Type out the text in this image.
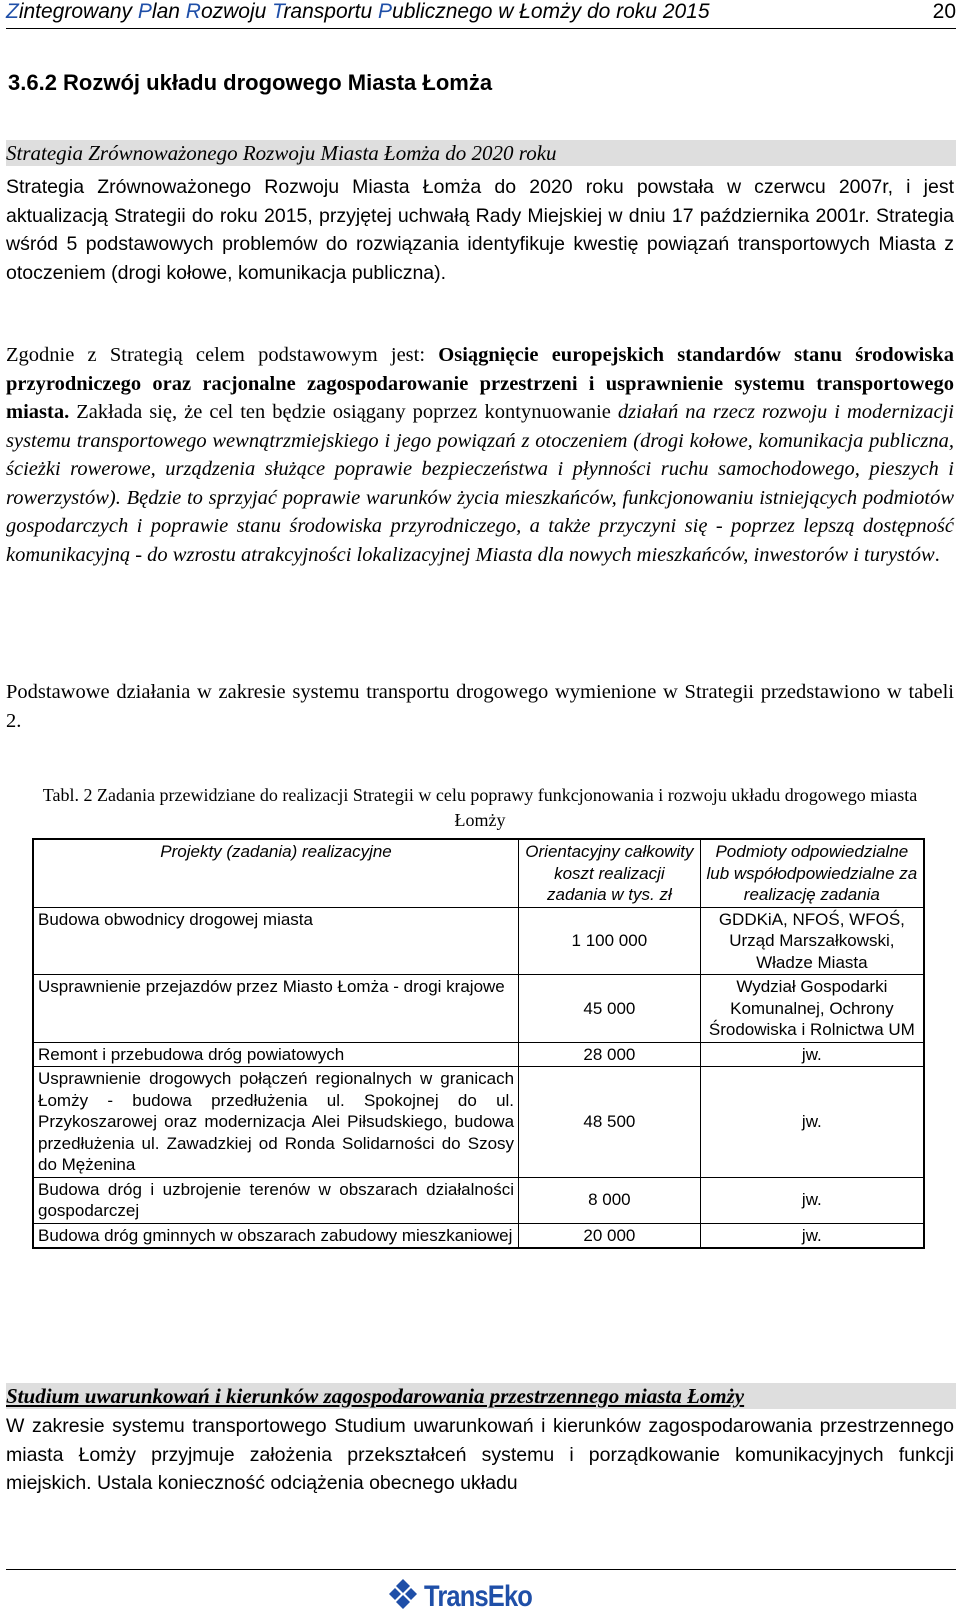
Zintegrowany Plan Rozwoju Transportu Publicznego w Łomży do roku 2015	20
3.6.2 Rozwój układu drogowego Miasta Łomża
Strategia Zrównoważonego Rozwoju Miasta Łomża do 2020 roku

Strategia Zrównoważonego Rozwoju Miasta Łomża do 2020 roku powstała w czerwcu 2007r, i jest aktualizacją Strategii do roku 2015, przyjętej uchwałą Rady Miejskiej w dniu 17 października 2001r. Strategia wśród 5 podstawowych problemów do rozwiązania identyfikuje kwestię powiązań transportowych Miasta z otoczeniem (drogi kołowe, komunikacja publiczna).

Zgodnie z Strategią celem podstawowym jest: Osiągnięcie europejskich standardów stanu środowiska przyrodniczego oraz racjonalne zagospodarowanie przestrzeni i usprawnienie systemu transportowego miasta. Zakłada się, że cel ten będzie osiągany poprzez kontynuowanie działań na rzecz rozwoju i modernizacji systemu transportowego wewnątrzmiejskiego i jego powiązań z otoczeniem (drogi kołowe, komunikacja publiczna, ścieżki rowerowe, urządzenia służące poprawie bezpieczeństwa i płynności ruchu samochodowego, pieszych i rowerzystów). Będzie to sprzyjać poprawie warunków życia mieszkańców, funkcjonowaniu istniejących podmiotów gospodarczych i poprawie stanu środowiska przyrodniczego, a także przyczyni się - poprzez lepszą dostępność komunikacyjną - do wzrostu atrakcyjności lokalizacyjnej Miasta dla nowych mieszkańców, inwestorów i turystów.

Podstawowe działania w zakresie systemu transportu drogowego wymienione w Strategii przedstawiono w tabeli 2.

Tabl. 2 Zadania przewidziane do realizacji Strategii w celu poprawy funkcjonowania i rozwoju układu drogowego miasta Łomży
Projekty (zadania) realizacyjne	Orientacyjny całkowity koszt realizacji zadania w tys. zł	Podmioty odpowiedzialne lub współodpowiedzialne za realizację zadania
Budowa obwodnicy drogowej miasta	1 100 000	GDDKiA, NFOŚ, WFOŚ, Urząd Marszałkowski, Władze Miasta
Usprawnienie przejazdów przez Miasto Łomża - drogi krajowe	45 000	Wydział Gospodarki Komunalnej, Ochrony Środowiska i Rolnictwa UM
Remont i przebudowa dróg powiatowych	28 000	jw.
Usprawnienie drogowych połączeń regionalnych w granicach Łomży - budowa przedłużenia ul. Spokojnej do ul. Przykoszarowej oraz modernizacja Alei Piłsudskiego, budowa przedłużenia ul. Zawadzkiej od Ronda Solidarności do Szosy do Mężenina	48 500	jw.
Budowa dróg i uzbrojenie terenów w obszarach działalności gospodarczej	8 000	jw.
Budowa dróg gminnych w obszarach zabudowy mieszkaniowej	20 000	jw.
Studium uwarunkowań i kierunków zagospodarowania przestrzennego miasta Łomży

W zakresie systemu transportowego Studium uwarunkowań i kierunków zagospodarowania przestrzennego miasta Łomży przyjmuje założenia przekształceń systemu i porządkowanie komunikacyjnych funkcji miejskich. Ustala konieczność odciążenia obecnego układu

TransEko
